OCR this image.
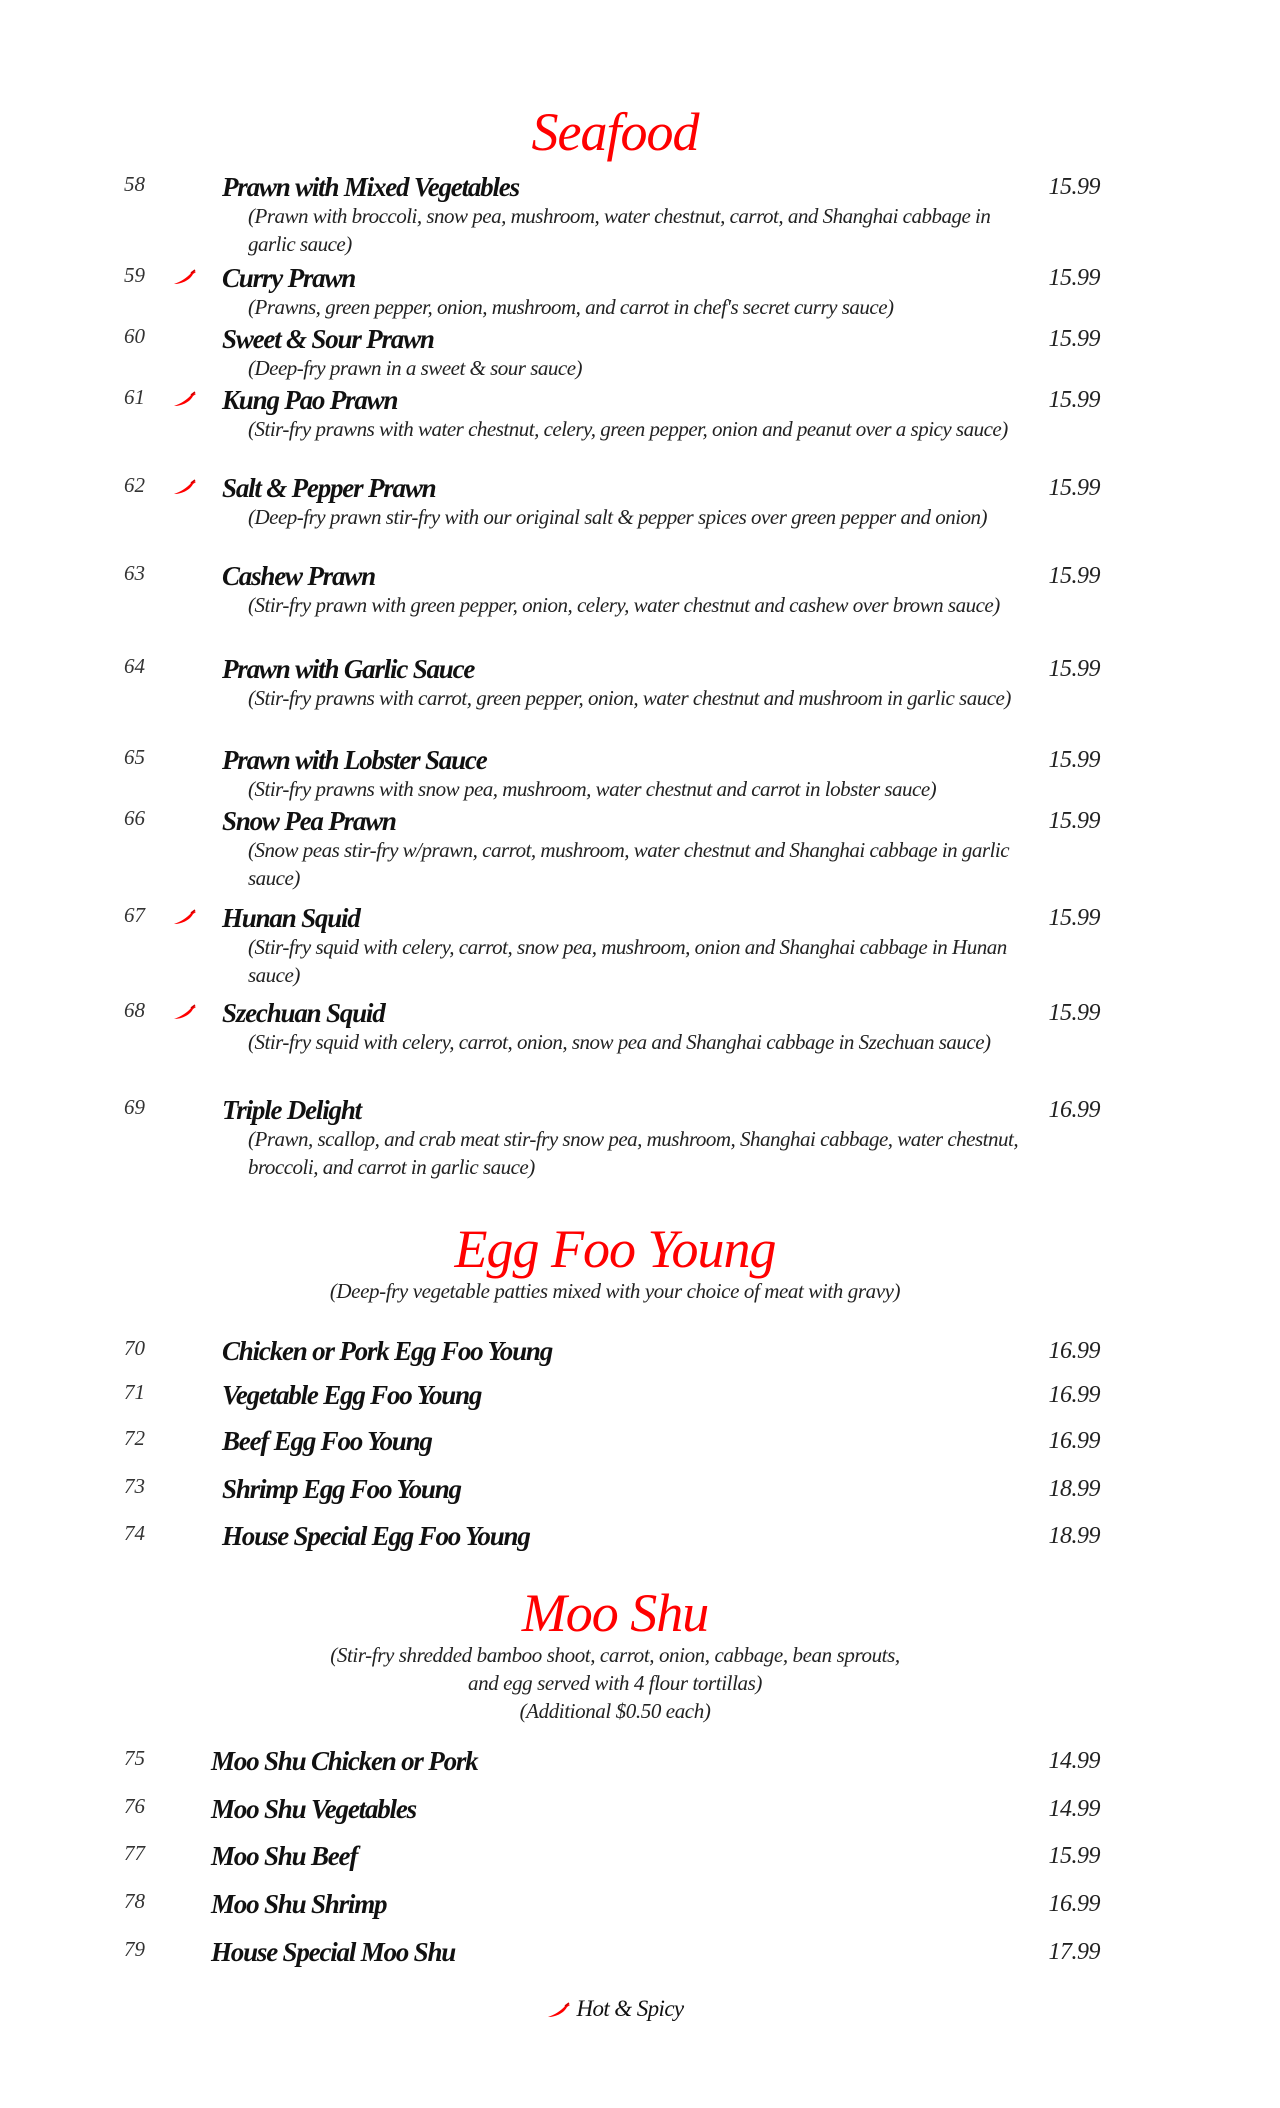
Seafood
58	Prawn with Mixed Vegetables
(Prawn with broccoli, snow pea, mushroom, water chestnut, carrot, and Shanghai cabbage in garlic sauce)
15.99
59	Curry Prawn
(Prawns, green pepper, onion, mushroom, and carrot in chef's secret curry sauce)
15.99
60	Sweet & Sour Prawn
(Deep-fry prawn in a sweet & sour sauce)
15.99
61	Kung Pao Prawn
(Stir-fry prawns with water chestnut, celery, green pepper, onion and peanut over a spicy sauce)
15.99
62	Salt & Pepper Prawn
(Deep-fry prawn stir-fry with our original salt & pepper spices over green pepper and onion)
15.99
63	Cashew Prawn
(Stir-fry prawn with green pepper, onion, celery, water chestnut and cashew over brown sauce)
15.99
64	Prawn with Garlic Sauce
(Stir-fry prawns with carrot, green pepper, onion, water chestnut and mushroom in garlic sauce)
15.99
65	Prawn with Lobster Sauce
(Stir-fry prawns with snow pea, mushroom, water chestnut and carrot in lobster sauce)
15.99
66	Snow Pea Prawn
(Snow peas stir-fry w/prawn, carrot, mushroom, water chestnut and Shanghai cabbage in garlic sauce)
15.99
67	Hunan Squid
(Stir-fry squid with celery, carrot, snow pea, mushroom, onion and Shanghai cabbage in Hunan sauce)
15.99
68	Szechuan Squid
(Stir-fry squid with celery, carrot, onion, snow pea and Shanghai cabbage in Szechuan sauce)
15.99
69	Triple Delight
(Prawn, scallop, and crab meat stir-fry snow pea, mushroom, Shanghai cabbage, water chestnut, broccoli, and carrot in garlic sauce)
16.99
Egg Foo Young
(Deep-fry vegetable patties mixed with your choice of meat with gravy)
70	Chicken or Pork Egg Foo Young	16.99
71	Vegetable Egg Foo Young	16.99
72	Beef Egg Foo Young	16.99
73	Shrimp Egg Foo Young	18.99
74	House Special Egg Foo Young	18.99
Moo Shu
(Stir-fry shredded bamboo shoot, carrot, onion, cabbage, bean sprouts,
and egg served with 4 flour tortillas)
(Additional $0.50 each)
75 Moo Shu Chicken or Pork	14.99
76 Moo Shu Vegetables	14.99
77 Moo Shu Beef	15.99
78 Moo Shu Shrimp	16.99
79 House Special Moo Shu	17.99
Hot & Spicy
